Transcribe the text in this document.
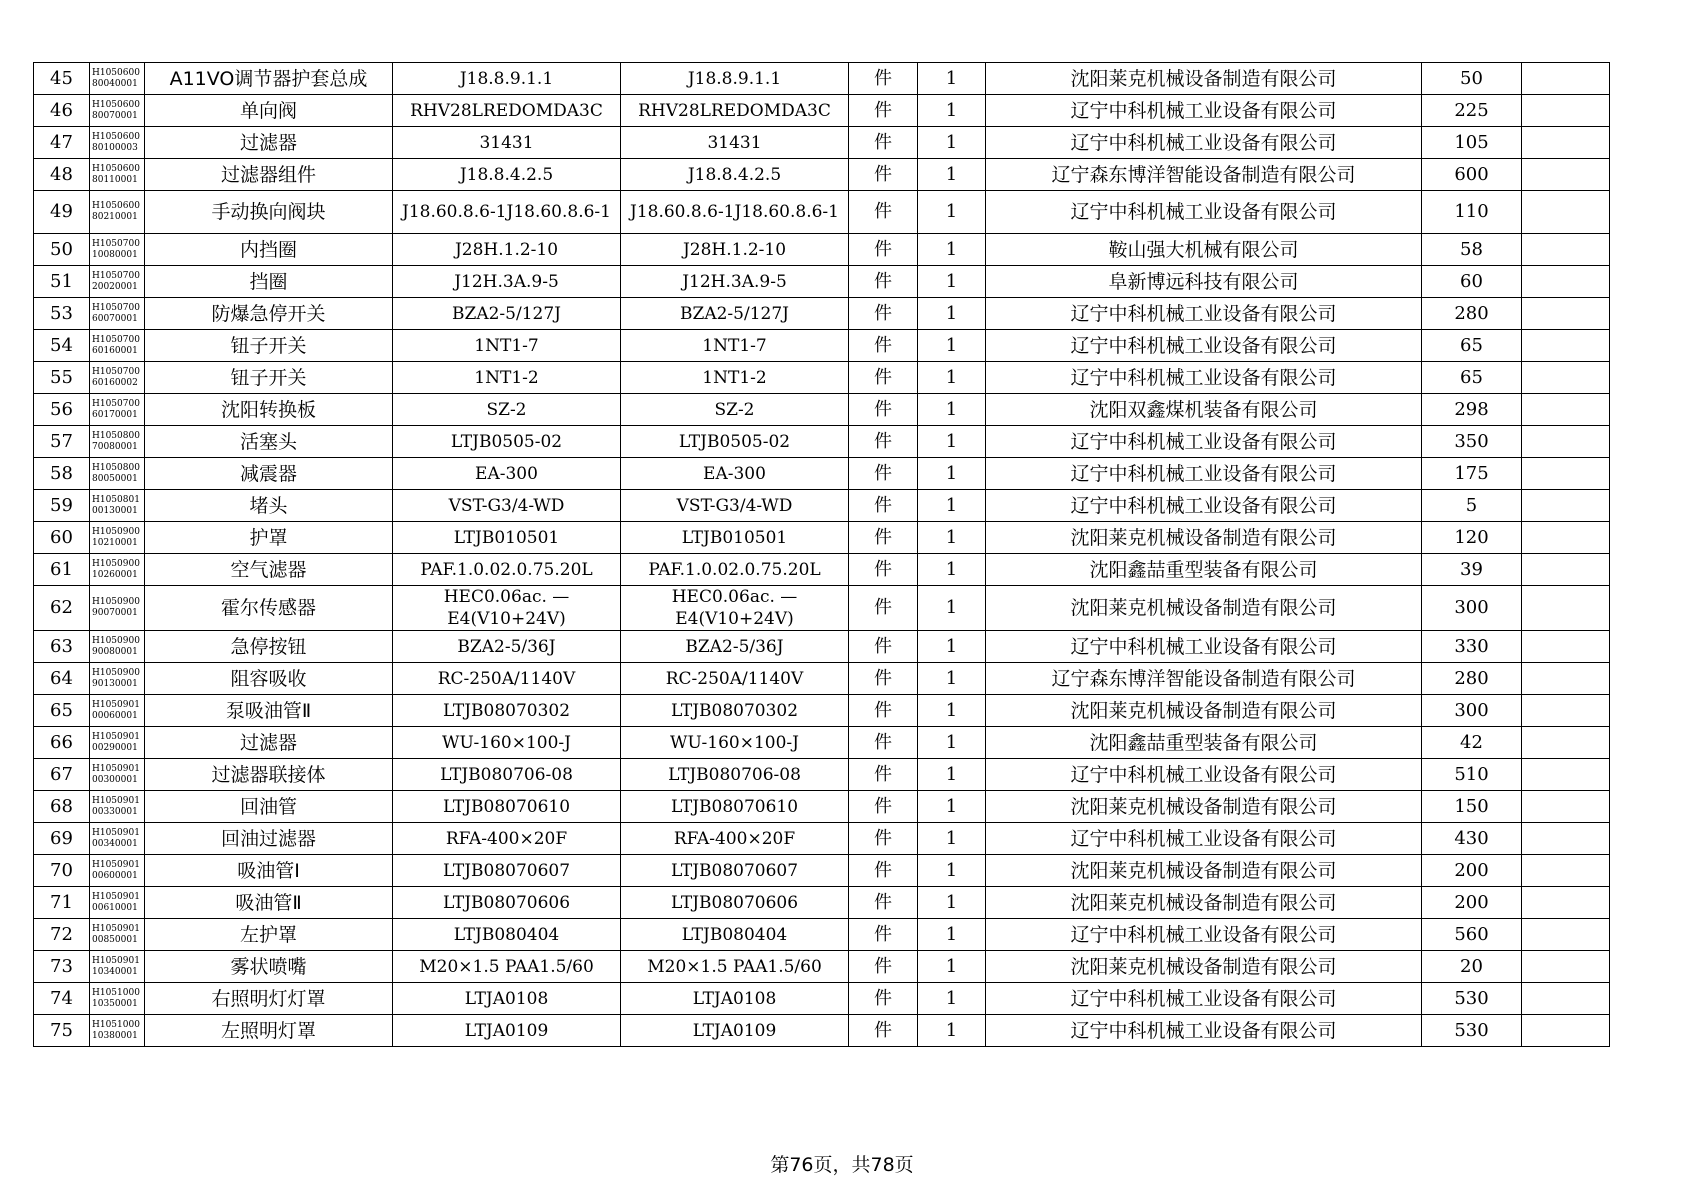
45	H1050600 80040001	A11VO调节器护套总成	J18.8.9.1.1	J18.8.9.1.1	件	1	沈阳莱克机械设备制造有限公司	50	
46	H1050600 80070001	单向阀	RHV28LREDOMDA3C	RHV28LREDOMDA3C	件	1	辽宁中科机械工业设备有限公司	225	
47	H1050600 80100003	过滤器	31431	31431	件	1	辽宁中科机械工业设备有限公司	105	
48	H1050600 80110001	过滤器组件	J18.8.4.2.5	J18.8.4.2.5	件	1	辽宁森东博洋智能设备制造有限公司	600	
49	H1050600 80210001	手动换向阀块	J18.60.8.6-1J18.60.8.6-1	J18.60.8.6-1J18.60.8.6-1	件	1	辽宁中科机械工业设备有限公司	110	
50	H1050700 10080001	内挡圈	J28H.1.2-10	J28H.1.2-10	件	1	鞍山强大机械有限公司	58	
51	H1050700 20020001	挡圈	J12H.3A.9-5	J12H.3A.9-5	件	1	阜新博远科技有限公司	60	
53	H1050700 60070001	防爆急停开关	BZA2-5/127J	BZA2-5/127J	件	1	辽宁中科机械工业设备有限公司	280	
54	H1050700 60160001	钮子开关	1NT1-7	1NT1-7	件	1	辽宁中科机械工业设备有限公司	65	
55	H1050700 60160002	钮子开关	1NT1-2	1NT1-2	件	1	辽宁中科机械工业设备有限公司	65	
56	H1050700 60170001	沈阳转换板	SZ-2	SZ-2	件	1	沈阳双鑫煤机装备有限公司	298	
57	H1050800 70080001	活塞头	LTJB0505-02	LTJB0505-02	件	1	辽宁中科机械工业设备有限公司	350	
58	H1050800 80050001	减震器	EA-300	EA-300	件	1	辽宁中科机械工业设备有限公司	175	
59	H1050801 00130001	堵头	VST-G3/4-WD	VST-G3/4-WD	件	1	辽宁中科机械工业设备有限公司	5	
60	H1050900 10210001	护罩	LTJB010501	LTJB010501	件	1	沈阳莱克机械设备制造有限公司	120	
61	H1050900 10260001	空气滤器	PAF.1.0.02.0.75.20L	PAF.1.0.02.0.75.20L	件	1	沈阳鑫喆重型装备有限公司	39	
62	H1050900 90070001	霍尔传感器	HEC0.06ac. —E4(V10+24V)	HEC0.06ac. —E4(V10+24V)	件	1	沈阳莱克机械设备制造有限公司	300	
63	H1050900 90080001	急停按钮	BZA2-5/36J	BZA2-5/36J	件	1	辽宁中科机械工业设备有限公司	330	
64	H1050900 90130001	阻容吸收	RC-250A/1140V	RC-250A/1140V	件	1	辽宁森东博洋智能设备制造有限公司	280	
65	H1050901 00060001	泵吸油管Ⅱ	LTJB08070302	LTJB08070302	件	1	沈阳莱克机械设备制造有限公司	300	
66	H1050901 00290001	过滤器	WU-160×100-J	WU-160×100-J	件	1	沈阳鑫喆重型装备有限公司	42	
67	H1050901 00300001	过滤器联接体	LTJB080706-08	LTJB080706-08	件	1	辽宁中科机械工业设备有限公司	510	
68	H1050901 00330001	回油管	LTJB08070610	LTJB08070610	件	1	沈阳莱克机械设备制造有限公司	150	
69	H1050901 00340001	回油过滤器	RFA-400×20F	RFA-400×20F	件	1	辽宁中科机械工业设备有限公司	430	
70	H1050901 00600001	吸油管Ⅰ	LTJB08070607	LTJB08070607	件	1	沈阳莱克机械设备制造有限公司	200	
71	H1050901 00610001	吸油管Ⅱ	LTJB08070606	LTJB08070606	件	1	沈阳莱克机械设备制造有限公司	200	
72	H1050901 00850001	左护罩	LTJB080404	LTJB080404	件	1	辽宁中科机械工业设备有限公司	560	
73	H1050901 10340001	雾状喷嘴	M20×1.5 PAA1.5/60	M20×1.5 PAA1.5/60	件	1	沈阳莱克机械设备制造有限公司	20	
74	H1051000 10350001	右照明灯灯罩	LTJA0108	LTJA0108	件	1	辽宁中科机械工业设备有限公司	530	
75	H1051000 10380001	左照明灯罩	LTJA0109	LTJA0109	件	1	辽宁中科机械工业设备有限公司	530	
第76页，共78页
